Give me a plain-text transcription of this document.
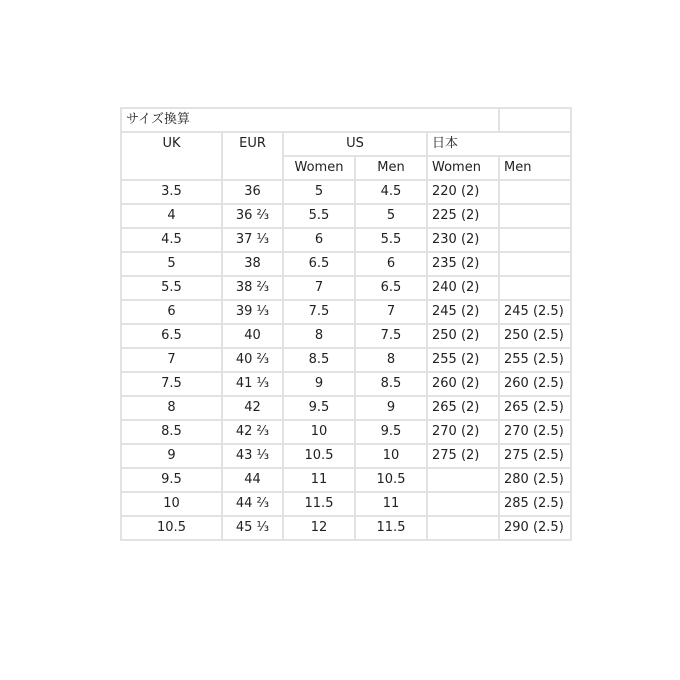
サイズ換算					
UK	EUR	US		日本	
		Women	Men	Women	Men
3.5	36	5	4.5	220 (2)	
4	36 ⅔	5.5	5	225 (2)	
4.5	37 ⅓	6	5.5	230 (2)	
5	38	6.5	6	235 (2)	
5.5	38 ⅔	7	6.5	240 (2)	
6	39 ⅓	7.5	7	245 (2)	245 (2.5)
6.5	40	8	7.5	250 (2)	250 (2.5)
7	40 ⅔	8.5	8	255 (2)	255 (2.5)
7.5	41 ⅓	9	8.5	260 (2)	260 (2.5)
8	42	9.5	9	265 (2)	265 (2.5)
8.5	42 ⅔	10	9.5	270 (2)	270 (2.5)
9	43 ⅓	10.5	10	275 (2)	275 (2.5)
9.5	44	11	10.5		280 (2.5)
10	44 ⅔	11.5	11		285 (2.5)
10.5	45 ⅓	12	11.5		290 (2.5)
